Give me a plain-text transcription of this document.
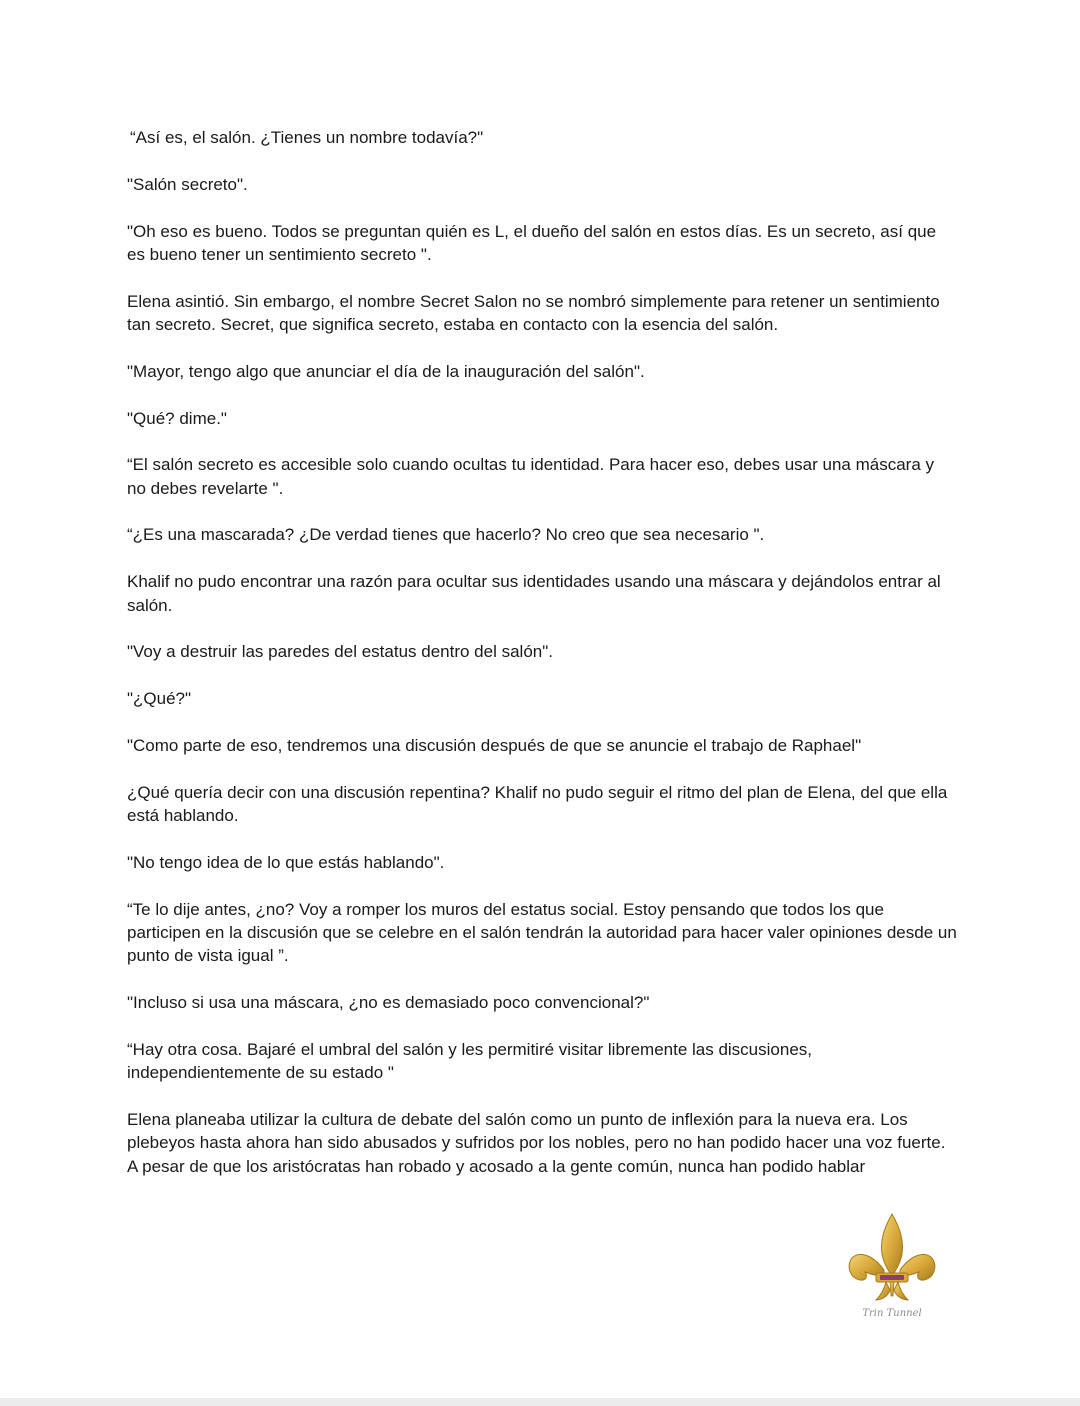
“Así es, el salón. ¿Tienes un nombre todavía?"

"Salón secreto".

"Oh eso es bueno. Todos se preguntan quién es L, el dueño del salón en estos días. Es un secreto, así que es bueno tener un sentimiento secreto ".

Elena asintió. Sin embargo, el nombre Secret Salon no se nombró simplemente para retener un sentimiento tan secreto. Secret, que significa secreto, estaba en contacto con la esencia del salón.

"Mayor, tengo algo que anunciar el día de la inauguración del salón".

"Qué? dime."

“El salón secreto es accesible solo cuando ocultas tu identidad. Para hacer eso, debes usar una máscara y no debes revelarte ".

“¿Es una mascarada? ¿De verdad tienes que hacerlo? No creo que sea necesario ".

Khalif no pudo encontrar una razón para ocultar sus identidades usando una máscara y dejándolos entrar al salón.

"Voy a destruir las paredes del estatus dentro del salón".

"¿Qué?"

"Como parte de eso, tendremos una discusión después de que se anuncie el trabajo de Raphael"

¿Qué quería decir con una discusión repentina? Khalif no pudo seguir el ritmo del plan de Elena, del que ella está hablando.

"No tengo idea de lo que estás hablando".

“Te lo dije antes, ¿no? Voy a romper los muros del estatus social. Estoy pensando que todos los que participen en la discusión que se celebre en el salón tendrán la autoridad para hacer valer opiniones desde un punto de vista igual ”.

"Incluso si usa una máscara, ¿no es demasiado poco convencional?"

“Hay otra cosa. Bajaré el umbral del salón y les permitiré visitar libremente las discusiones, independientemente de su estado "

Elena planeaba utilizar la cultura de debate del salón como un punto de inflexión para la nueva era. Los plebeyos hasta ahora han sido abusados y sufridos por los nobles, pero no han podido hacer una voz fuerte. A pesar de que los aristócratas han robado y acosado a la gente común, nunca han podido hablar

Trin Tunnel
